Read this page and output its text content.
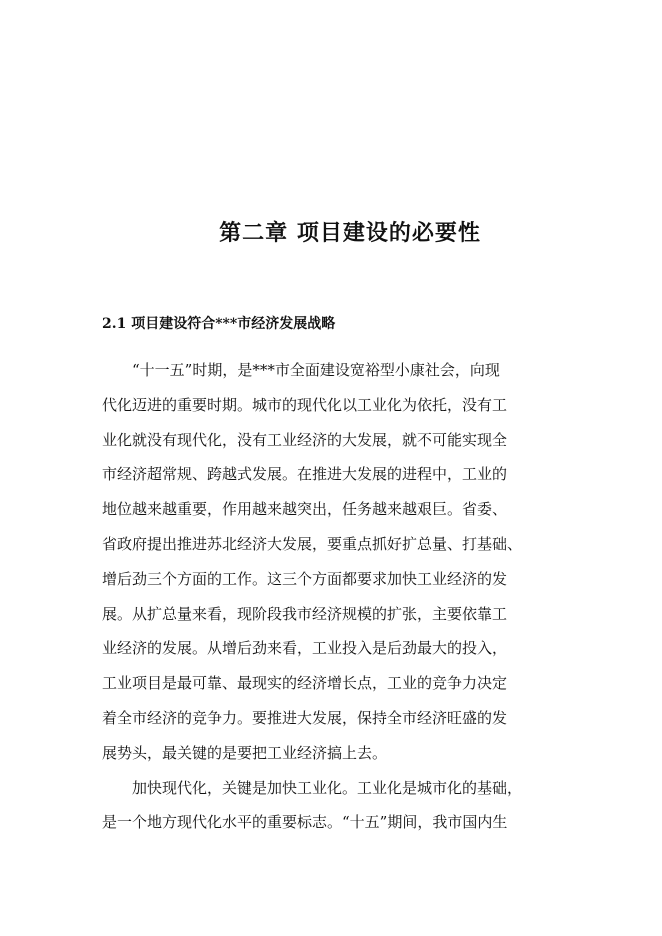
第二章 项目建设的必要性
2.1 项目建设符合***市经济发展战略
“十一五”时期，是***市全面建设宽裕型小康社会，向现
代化迈进的重要时期。城市的现代化以工业化为依托，没有工
业化就没有现代化，没有工业经济的大发展，就不可能实现全
市经济超常规、跨越式发展。在推进大发展的进程中，工业的
地位越来越重要，作用越来越突出，任务越来越艰巨。省委、
省政府提出推进苏北经济大发展，要重点抓好扩总量、打基础、
增后劲三个方面的工作。这三个方面都要求加快工业经济的发
展。从扩总量来看，现阶段我市经济规模的扩张，主要依靠工
业经济的发展。从增后劲来看，工业投入是后劲最大的投入，
工业项目是最可靠、最现实的经济增长点，工业的竞争力决定
着全市经济的竞争力。要推进大发展，保持全市经济旺盛的发
展势头，最关键的是要把工业经济搞上去。
加快现代化，关键是加快工业化。工业化是城市化的基础，
是一个地方现代化水平的重要标志。“十五”期间，我市国内生
